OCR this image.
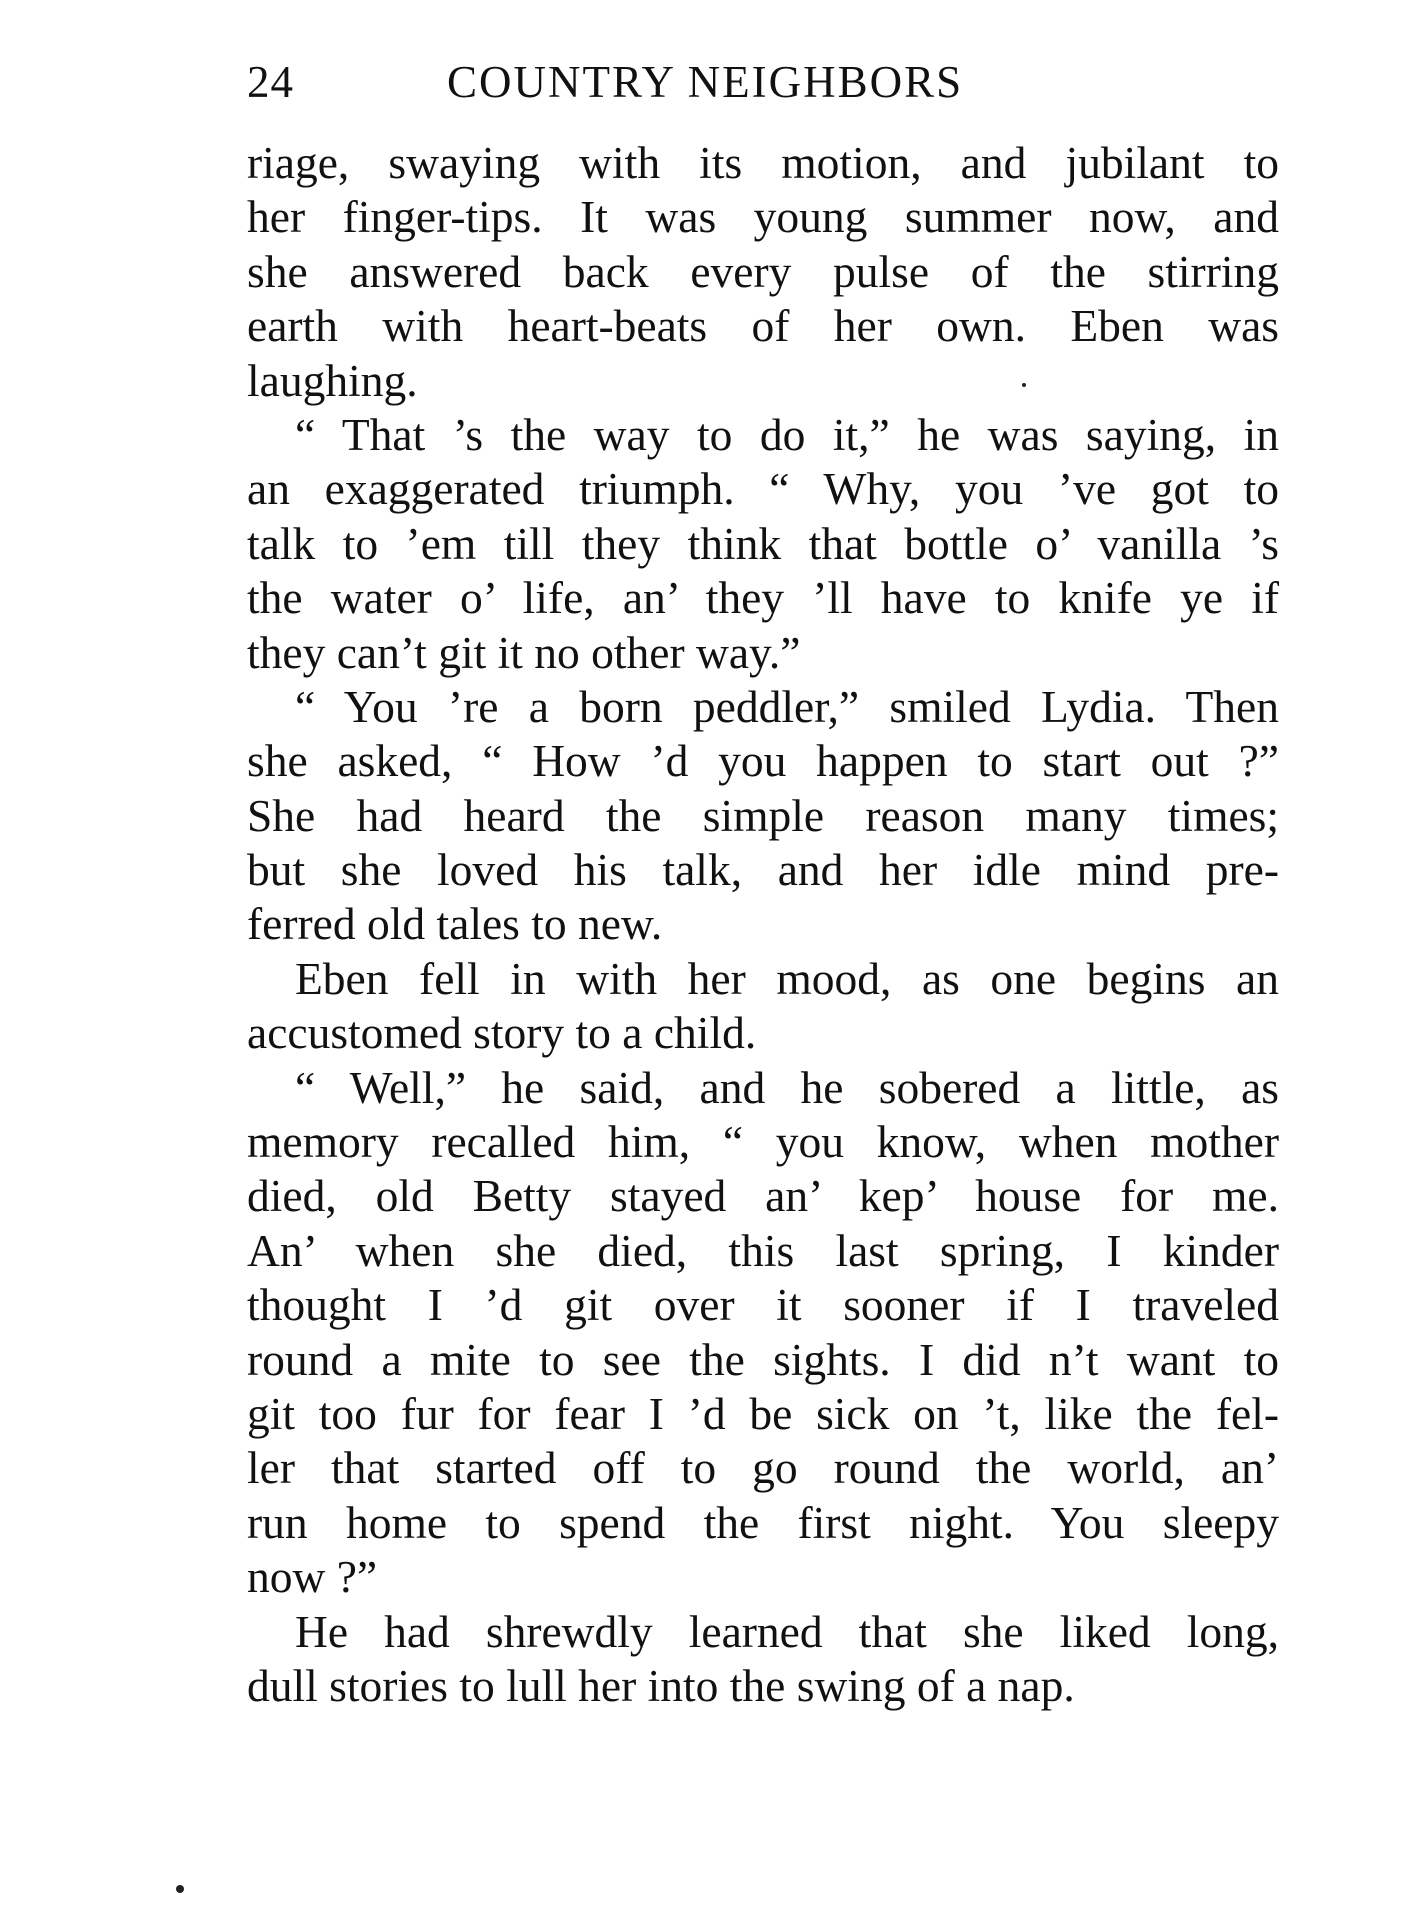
24	COUNTRY NEIGHBORS
riage, swaying with its motion, and jubilant to
her finger-tips. It was young summer now, and
she answered back every pulse of the stirring
earth with heart-beats of her own. Eben was
laughing.
“ That ’s the way to do it,” he was saying, in
an exaggerated triumph. “ Why, you ’ve got to
talk to ’em till they think that bottle o’ vanilla ’s
the water o’ life, an’ they ’ll have to knife ye if
they can’t git it no other way.”
“ You ’re a born peddler,” smiled Lydia. Then
she asked, “ How ’d you happen to start out ?”
She had heard the simple reason many times;
but she loved his talk, and her idle mind pre-
ferred old tales to new.
Eben fell in with her mood, as one begins an
accustomed story to a child.
“ Well,” he said, and he sobered a little, as
memory recalled him, “ you know, when mother
died, old Betty stayed an’ kep’ house for me.
An’ when she died, this last spring, I kinder
thought I ’d git over it sooner if I traveled
round a mite to see the sights. I did n’t want to
git too fur for fear I ’d be sick on ’t, like the fel-
ler that started off to go round the world, an’
run home to spend the first night. You sleepy
now ?”
He had shrewdly learned that she liked long,
dull stories to lull her into the swing of a nap.
